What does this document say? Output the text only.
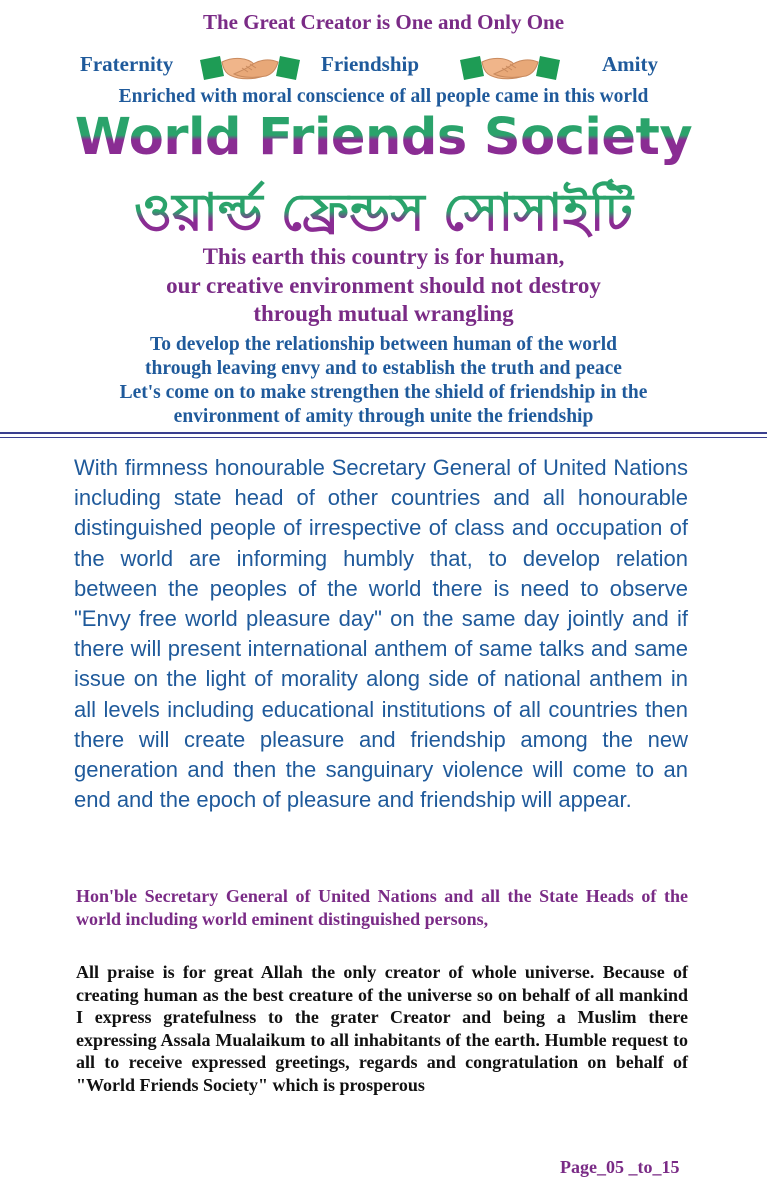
The Great Creator is One and Only One
Fraternity	Friendship	Amity
Enriched with moral conscience of all people came in this world
World Friends Society
ওয়ার্ল্ড ফ্রেন্ডস সোসাইটি
This earth this country is for human,
our creative environment should not destroy
through mutual wrangling
To develop the relationship between human of the world
through leaving envy and to establish the truth and peace
Let's come on to make strengthen the shield of friendship in the
environment of amity through unite the friendship

With firmness honourable Secretary General of United Nations including state head of other countries and all honourable distinguished people of irrespective of class and occupation of the world are informing humbly that, to develop relation between the peoples of the world there is need to observe "Envy free world pleasure day" on the same day jointly and if there will present international anthem of same talks and same issue on the light of morality along side of national anthem in all levels including educational institutions of all countries then there will create pleasure and friendship among the new generation and then the sanguinary violence will come to an end and the epoch of pleasure and friendship will appear.

Hon'ble Secretary General of United Nations and all the State Heads of the world including world eminent distinguished persons,

All praise is for great Allah the only creator of whole universe. Because of creating human as the best creature of the universe so on behalf of all mankind I express gratefulness to the grater Creator and being a Muslim there expressing Assala Mualaikum to all inhabitants of the earth. Humble request to all to receive expressed greetings, regards and congratulation on behalf of "World Friends Society" which is prosperous

Page_05 _to_15
